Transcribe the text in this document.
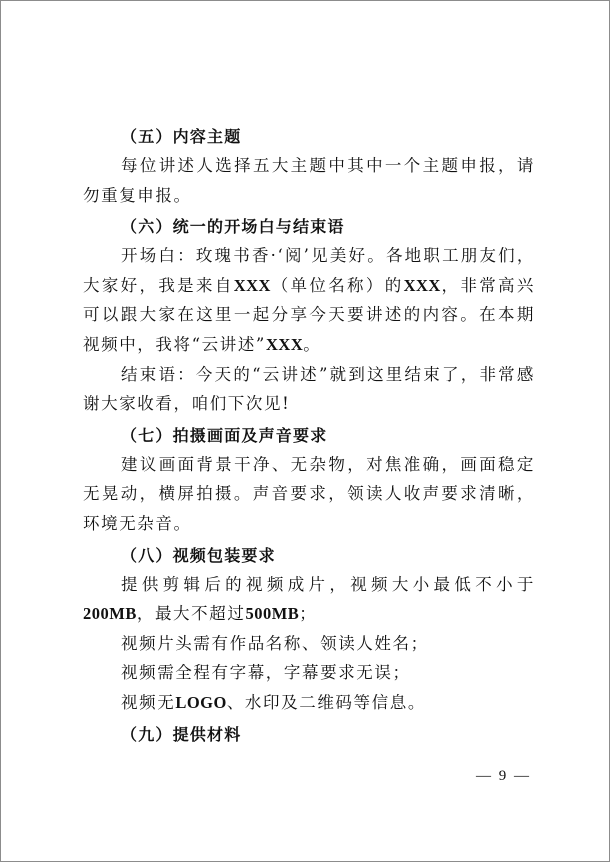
（五）内容主题

每位讲述人选择五大主题中其中一个主题申报，请勿重复申报。

（六）统一的开场白与结束语

开场白：玫瑰书香·‘阅’见美好。各地职工朋友们，大家好，我是来自XXX（单位名称）的XXX，非常高兴可以跟大家在这里一起分享今天要讲述的内容。在本期视频中，我将“云讲述”XXX。

结束语：今天的“云讲述”就到这里结束了，非常感谢大家收看，咱们下次见!

（七）拍摄画面及声音要求

建议画面背景干净、无杂物，对焦准确，画面稳定无晃动，横屏拍摄。声音要求，领读人收声要求清晰，环境无杂音。

（八）视频包装要求

提供剪辑后的视频成片，视频大小最低不小于200MB，最大不超过500MB；

视频片头需有作品名称、领读人姓名；

视频需全程有字幕，字幕要求无误；

视频无LOGO、水印及二维码等信息。

（九）提供材料
— 9 —
